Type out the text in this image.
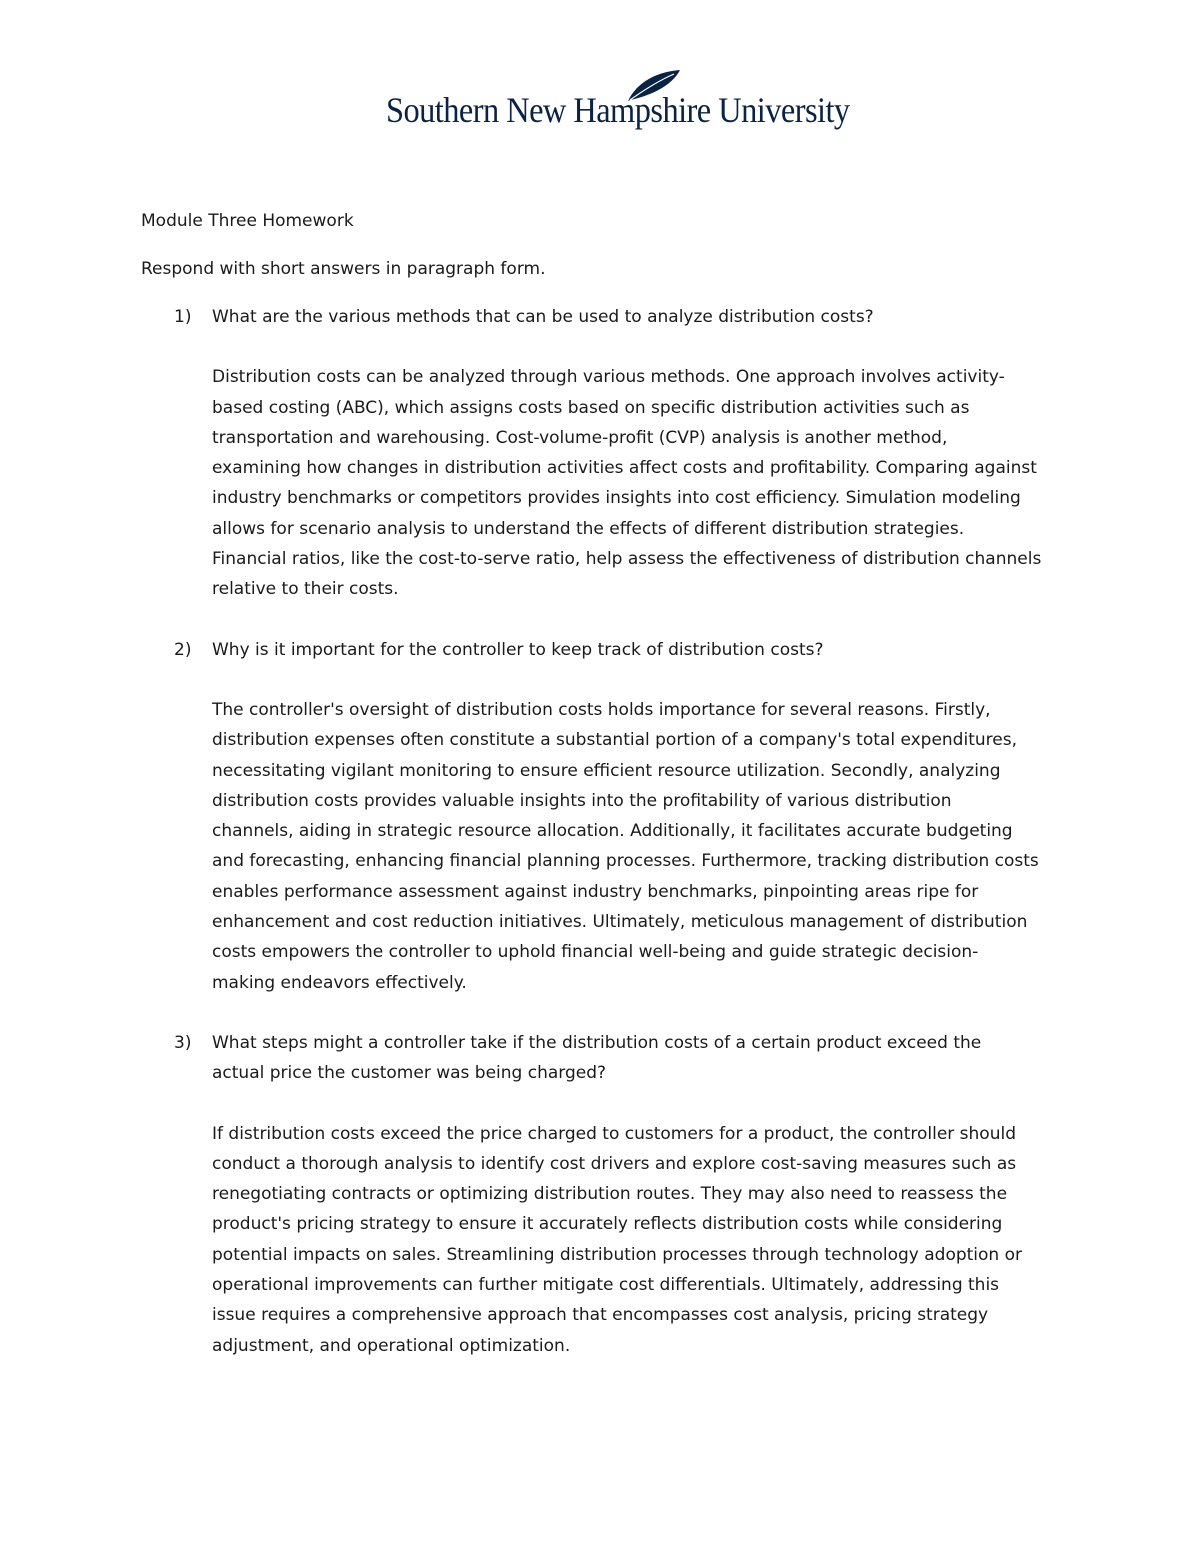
Southern New Hampshire University

Module Three Homework

Respond with short answers in paragraph form.

1) What are the various methods that can be used to analyze distribution costs?

Distribution costs can be analyzed through various methods. One approach involves activity-
based costing (ABC), which assigns costs based on specific distribution activities such as
transportation and warehousing. Cost-volume-profit (CVP) analysis is another method,
examining how changes in distribution activities affect costs and profitability. Comparing against
industry benchmarks or competitors provides insights into cost efficiency. Simulation modeling
allows for scenario analysis to understand the effects of different distribution strategies.
Financial ratios, like the cost-to-serve ratio, help assess the effectiveness of distribution channels
relative to their costs.

2) Why is it important for the controller to keep track of distribution costs?

The controller's oversight of distribution costs holds importance for several reasons. Firstly,
distribution expenses often constitute a substantial portion of a company's total expenditures,
necessitating vigilant monitoring to ensure efficient resource utilization. Secondly, analyzing
distribution costs provides valuable insights into the profitability of various distribution
channels, aiding in strategic resource allocation. Additionally, it facilitates accurate budgeting
and forecasting, enhancing financial planning processes. Furthermore, tracking distribution costs
enables performance assessment against industry benchmarks, pinpointing areas ripe for
enhancement and cost reduction initiatives. Ultimately, meticulous management of distribution
costs empowers the controller to uphold financial well-being and guide strategic decision-
making endeavors effectively.

3) What steps might a controller take if the distribution costs of a certain product exceed the
actual price the customer was being charged?

If distribution costs exceed the price charged to customers for a product, the controller should
conduct a thorough analysis to identify cost drivers and explore cost-saving measures such as
renegotiating contracts or optimizing distribution routes. They may also need to reassess the
product's pricing strategy to ensure it accurately reflects distribution costs while considering
potential impacts on sales. Streamlining distribution processes through technology adoption or
operational improvements can further mitigate cost differentials. Ultimately, addressing this
issue requires a comprehensive approach that encompasses cost analysis, pricing strategy
adjustment, and operational optimization.
